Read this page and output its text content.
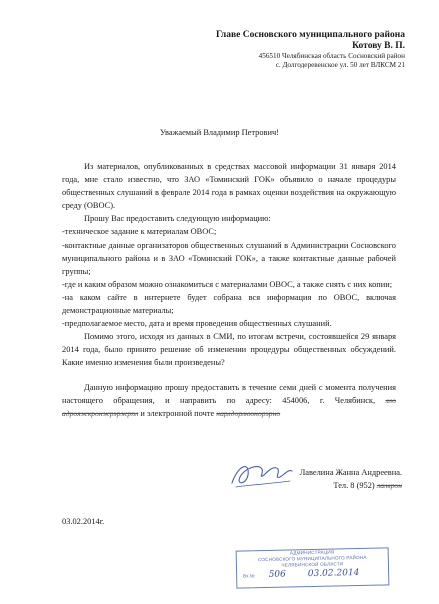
Главе Сосновского муниципального района
Котову В. П.
456510 Челябинская область Сосновский район
с. Долгодеревенское ул. 50 лет ВЛКСМ 21
Уважаемый Владимир Петрович!

Из материалов, опубликованных в средствах массовой информации 31 января 2014 года, мне стало известно, что ЗАО «Томинский ГОК» объявило о начале процедуры общественных слушаний в феврале 2014 года в рамках оценки воздействия на окружающую среду (ОВОС).

Прошу Вас предоставить следующую информацию:

-техническое задание к материалам ОВОС;

-контактные данные организаторов общественных слушаний в Администрации Сосновского муниципального района и в ЗАО «Томинский ГОК», а также контактные данные рабочей группы;

-где и каким образом можно ознакомиться с материалами ОВОС, а также снять с них копии;

-на каком сайте в интернете будет собрана вся информация по ОВОС, включая демонстрационные материалы;

-предполагаемое место, дата и время проведения общественных слушаний.

Помимо этого, исходя из данных в СМИ, по итогам встречи, состоявшейся 29 января 2014 года, было принято решение об изменении процедуры общественных обсуждений. Какие именно изменения были произведены?

Данную информацию прошу предоставить в течение семи дней с момента получения настоящего обращения, и направить по адресу: 454006, г. Челябинск, лло адрояжкронжрэржрпл и электронной почте нарлдорлюонорэрно

Лавелина Жанна Андреевна.
Тел. 8 (952) лалврон
03.02.2014г.
АДМИНИСТРАЦИЯ
СОСНОВСКОГО МУНИЦИПАЛЬНОГО РАЙОНА
ЧЕЛЯБИНСКОЙ ОБЛАСТИ
Вх.№ 506 03.02.2014
